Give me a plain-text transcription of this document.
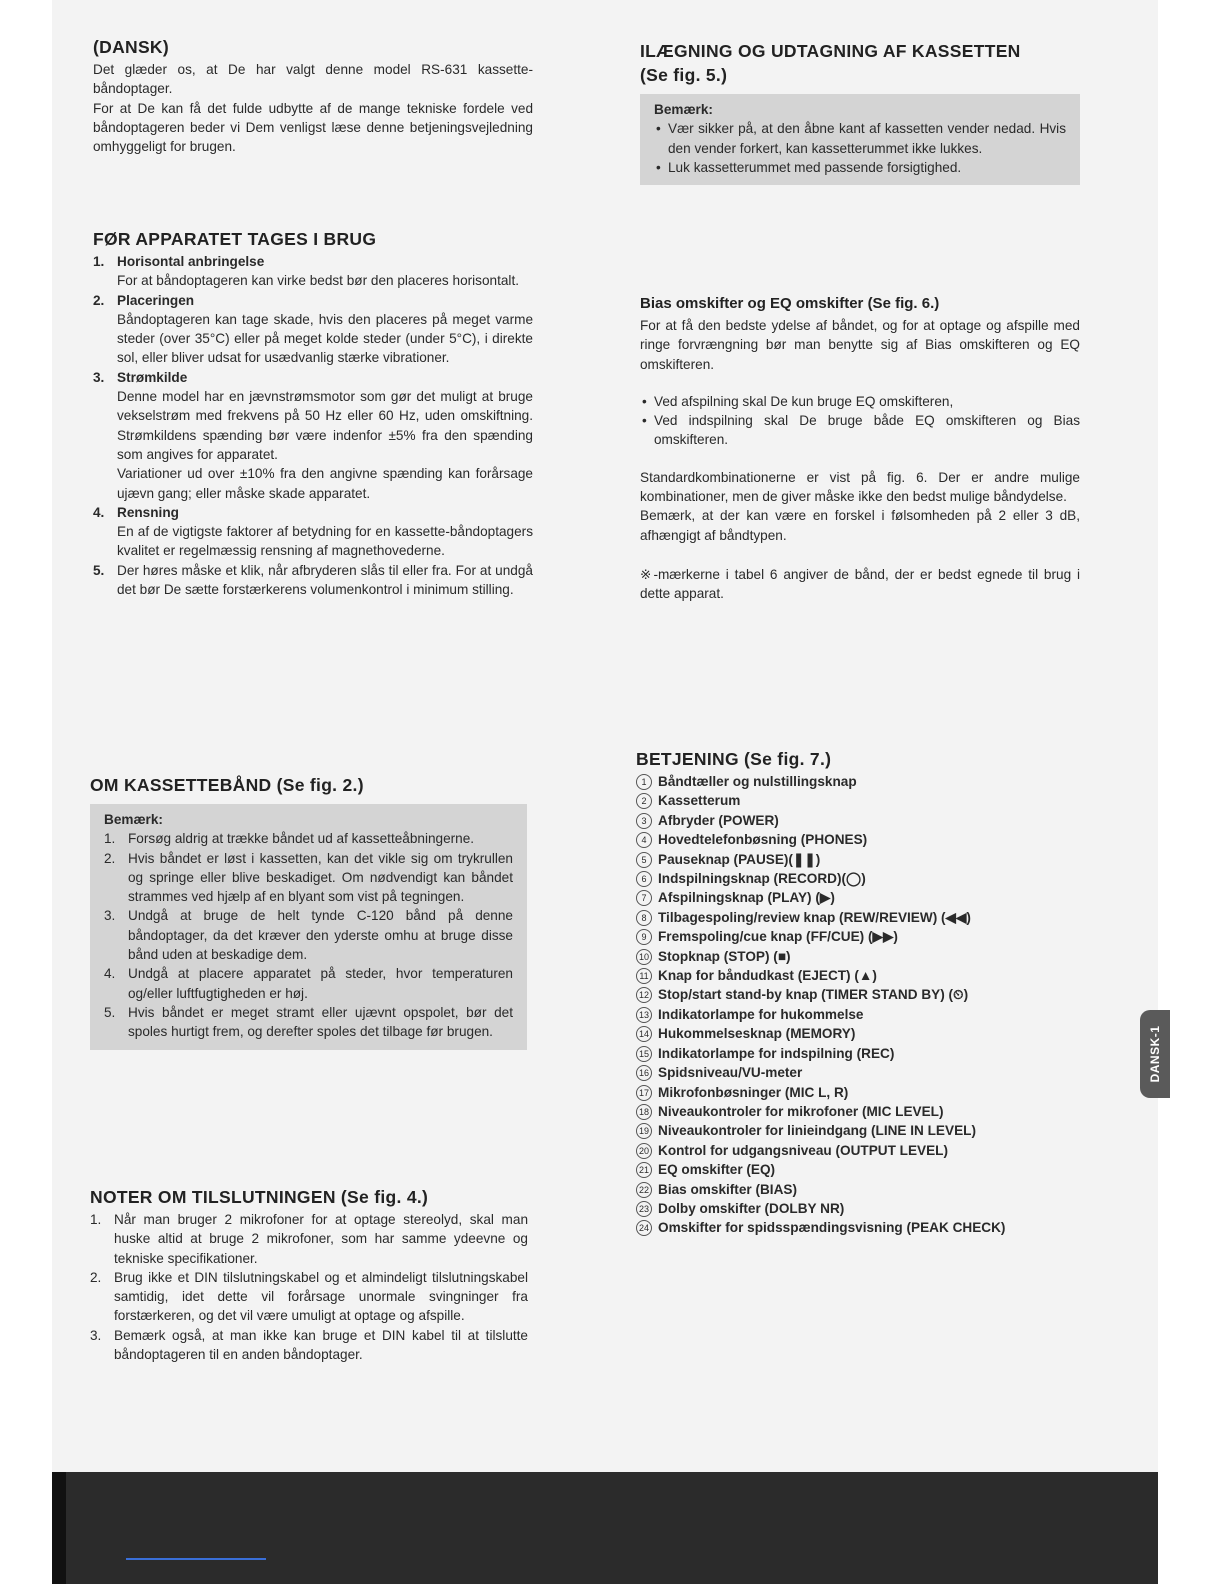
DANSK-1
(DANSK)

Det glæder os, at De har valgt denne model RS-631 kassette-båndoptager.

For at De kan få det fulde udbytte af de mange tekniske fordele ved båndoptageren beder vi Dem venligst læse denne betjeningsvejledning omhyggeligt for brugen.

FØR APPARATET TAGES I BRUG
1. Horisontal anbringelse
For at båndoptageren kan virke bedst bør den placeres horisontalt.
2. Placeringen
Båndoptageren kan tage skade, hvis den placeres på meget varme steder (over 35°C) eller på meget kolde steder (under 5°C), i direkte sol, eller bliver udsat for usædvanlig stærke vibrationer.
3. Strømkilde
Denne model har en jævnstrømsmotor som gør det muligt at bruge vekselstrøm med frekvens på 50 Hz eller 60 Hz, uden omskiftning. Strømkildens spænding bør være indenfor ±5% fra den spænding som angives for apparatet.
Variationer ud over ±10% fra den angivne spænding kan forårsage ujævn gang; eller måske skade apparatet.
4. Rensning
En af de vigtigste faktorer af betydning for en kassette-båndoptagers kvalitet er regelmæssig rensning af magnethovederne.
5. Der høres måske et klik, når afbryderen slås til eller fra. For at undgå det bør De sætte forstærkerens volumenkontrol i minimum stilling.
OM KASSETTEBÅND (Se fig. 2.)
Bemærk:
1. Forsøg aldrig at trække båndet ud af kassetteåbningerne.
2. Hvis båndet er løst i kassetten, kan det vikle sig om trykrullen og springe eller blive beskadiget. Om nødvendigt kan båndet strammes ved hjælp af en blyant som vist på tegningen.
3. Undgå at bruge de helt tynde C-120 bånd på denne båndoptager, da det kræver den yderste omhu at bruge disse bånd uden at beskadige dem.
4. Undgå at placere apparatet på steder, hvor temperaturen og/eller luftfugtigheden er høj.
5. Hvis båndet er meget stramt eller ujævnt opspolet, bør det spoles hurtigt frem, og derefter spoles det tilbage før brugen.
NOTER OM TILSLUTNINGEN (Se fig. 4.)
1. Når man bruger 2 mikrofoner for at optage stereolyd, skal man huske altid at bruge 2 mikrofoner, som har samme ydeevne og tekniske specifikationer.
2. Brug ikke et DIN tilslutningskabel og et almindeligt tilslutningskabel samtidig, idet dette vil forårsage unormale svingninger fra forstærkeren, og det vil være umuligt at optage og afspille.
3. Bemærk også, at man ikke kan bruge et DIN kabel til at tilslutte båndoptageren til en anden båndoptager.
ILÆGNING OG UDTAGNING AF KASSETTEN
(Se fig. 5.)
Bemærk:
• Vær sikker på, at den åbne kant af kassetten vender nedad. Hvis den vender forkert, kan kassetterummet ikke lukkes.
• Luk kassetterummet med passende forsigtighed.
Bias omskifter og EQ omskifter (Se fig. 6.)

For at få den bedste ydelse af båndet, og for at optage og afspille med ringe forvrængning bør man benytte sig af Bias omskifteren og EQ omskifteren.

• Ved afspilning skal De kun bruge EQ omskifteren,
• Ved indspilning skal De bruge både EQ omskifteren og Bias omskifteren.

Standardkombinationerne er vist på fig. 6. Der er andre mulige kombinationer, men de giver måske ikke den bedst mulige båndydelse.

Bemærk, at der kan være en forskel i følsomheden på 2 eller 3 dB, afhængigt af båndtypen.

※-mærkerne i tabel 6 angiver de bånd, der er bedst egnede til brug i dette apparat.

BETJENING (Se fig. 7.)
1 Båndtæller og nulstillingsknap
2 Kassetterum
3 Afbryder (POWER)
4 Hovedtelefonbøsning (PHONES)
5 Pauseknap (PAUSE)(❚❚)
6 Indspilningsknap (RECORD)(◯)
7 Afspilningsknap (PLAY) (▶)
8 Tilbagespoling/review knap (REW/REVIEW) (◀◀)
9 Fremspoling/cue knap (FF/CUE) (▶▶)
10 Stopknap (STOP) (■)
11 Knap for båndudkast (EJECT) (▲)
12 Stop/start stand-by knap (TIMER STAND BY) (⏲)
13 Indikatorlampe for hukommelse
14 Hukommelsesknap (MEMORY)
15 Indikatorlampe for indspilning (REC)
16 Spidsniveau/VU-meter
17 Mikrofonbøsninger (MIC L, R)
18 Niveaukontroler for mikrofoner (MIC LEVEL)
19 Niveaukontroler for linieindgang (LINE IN LEVEL)
20 Kontrol for udgangsniveau (OUTPUT LEVEL)
21 EQ omskifter (EQ)
22 Bias omskifter (BIAS)
23 Dolby omskifter (DOLBY NR)
24 Omskifter for spidsspændingsvisning (PEAK CHECK)
